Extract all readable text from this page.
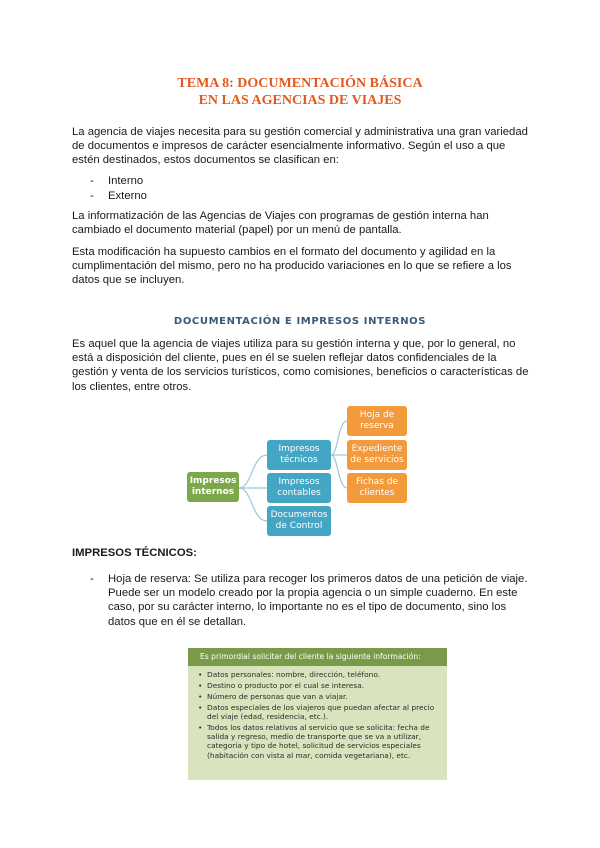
TEMA 8: DOCUMENTACIÓN BÁSICA
EN LAS AGENCIAS DE VIAJES

La agencia de viajes necesita para su gestión comercial y administrativa una gran variedad de documentos e impresos de carácter esencialmente informativo. Según el uso a que estén destinados, estos documentos se clasifican en:

- Interno
- Externo

La informatización de las Agencias de Viajes con programas de gestión interna han cambiado el documento material (papel) por un menú de pantalla.

Esta modificación ha supuesto cambios en el formato del documento y agilidad en la cumplimentación del mismo, pero no ha producido variaciones en lo que se refiere a los datos que se incluyen.

DOCUMENTACIÓN E IMPRESOS INTERNOS

Es aquel que la agencia de viajes utiliza para su gestión interna y que, por lo general, no está a disposición del cliente, pues en él se suelen reflejar datos confidenciales de la gestión y venta de los servicios turísticos, como comisiones, beneficios o características de los clientes, entre otros.

Impresos internos
Impresos técnicos
Impresos contables
Documentos de Control
Hoja de reserva
Expediente de servicios
Fichas de clientes
IMPRESOS TÉCNICOS:
- Hoja de reserva: Se utiliza para recoger los primeros datos de una petición de viaje. Puede ser un modelo creado por la propia agencia o un simple cuaderno. En este caso, por su carácter interno, lo importante no es el tipo de documento, sino los datos que en él se detallan.
Es primordial solicitar del cliente la siguiente información:
• Datos personales: nombre, dirección, teléfono.
• Destino o producto por el cual se interesa.
• Número de personas que van a viajar.
• Datos especiales de los viajeros que puedan afectar al precio del viaje (edad, residencia, etc.).
• Todos los datos relativos al servicio que se solicita: fecha de salida y regreso, medio de transporte que se va a utilizar, categoría y tipo de hotel, solicitud de servicios especiales (habitación con vista al mar, comida vegetariana), etc.
